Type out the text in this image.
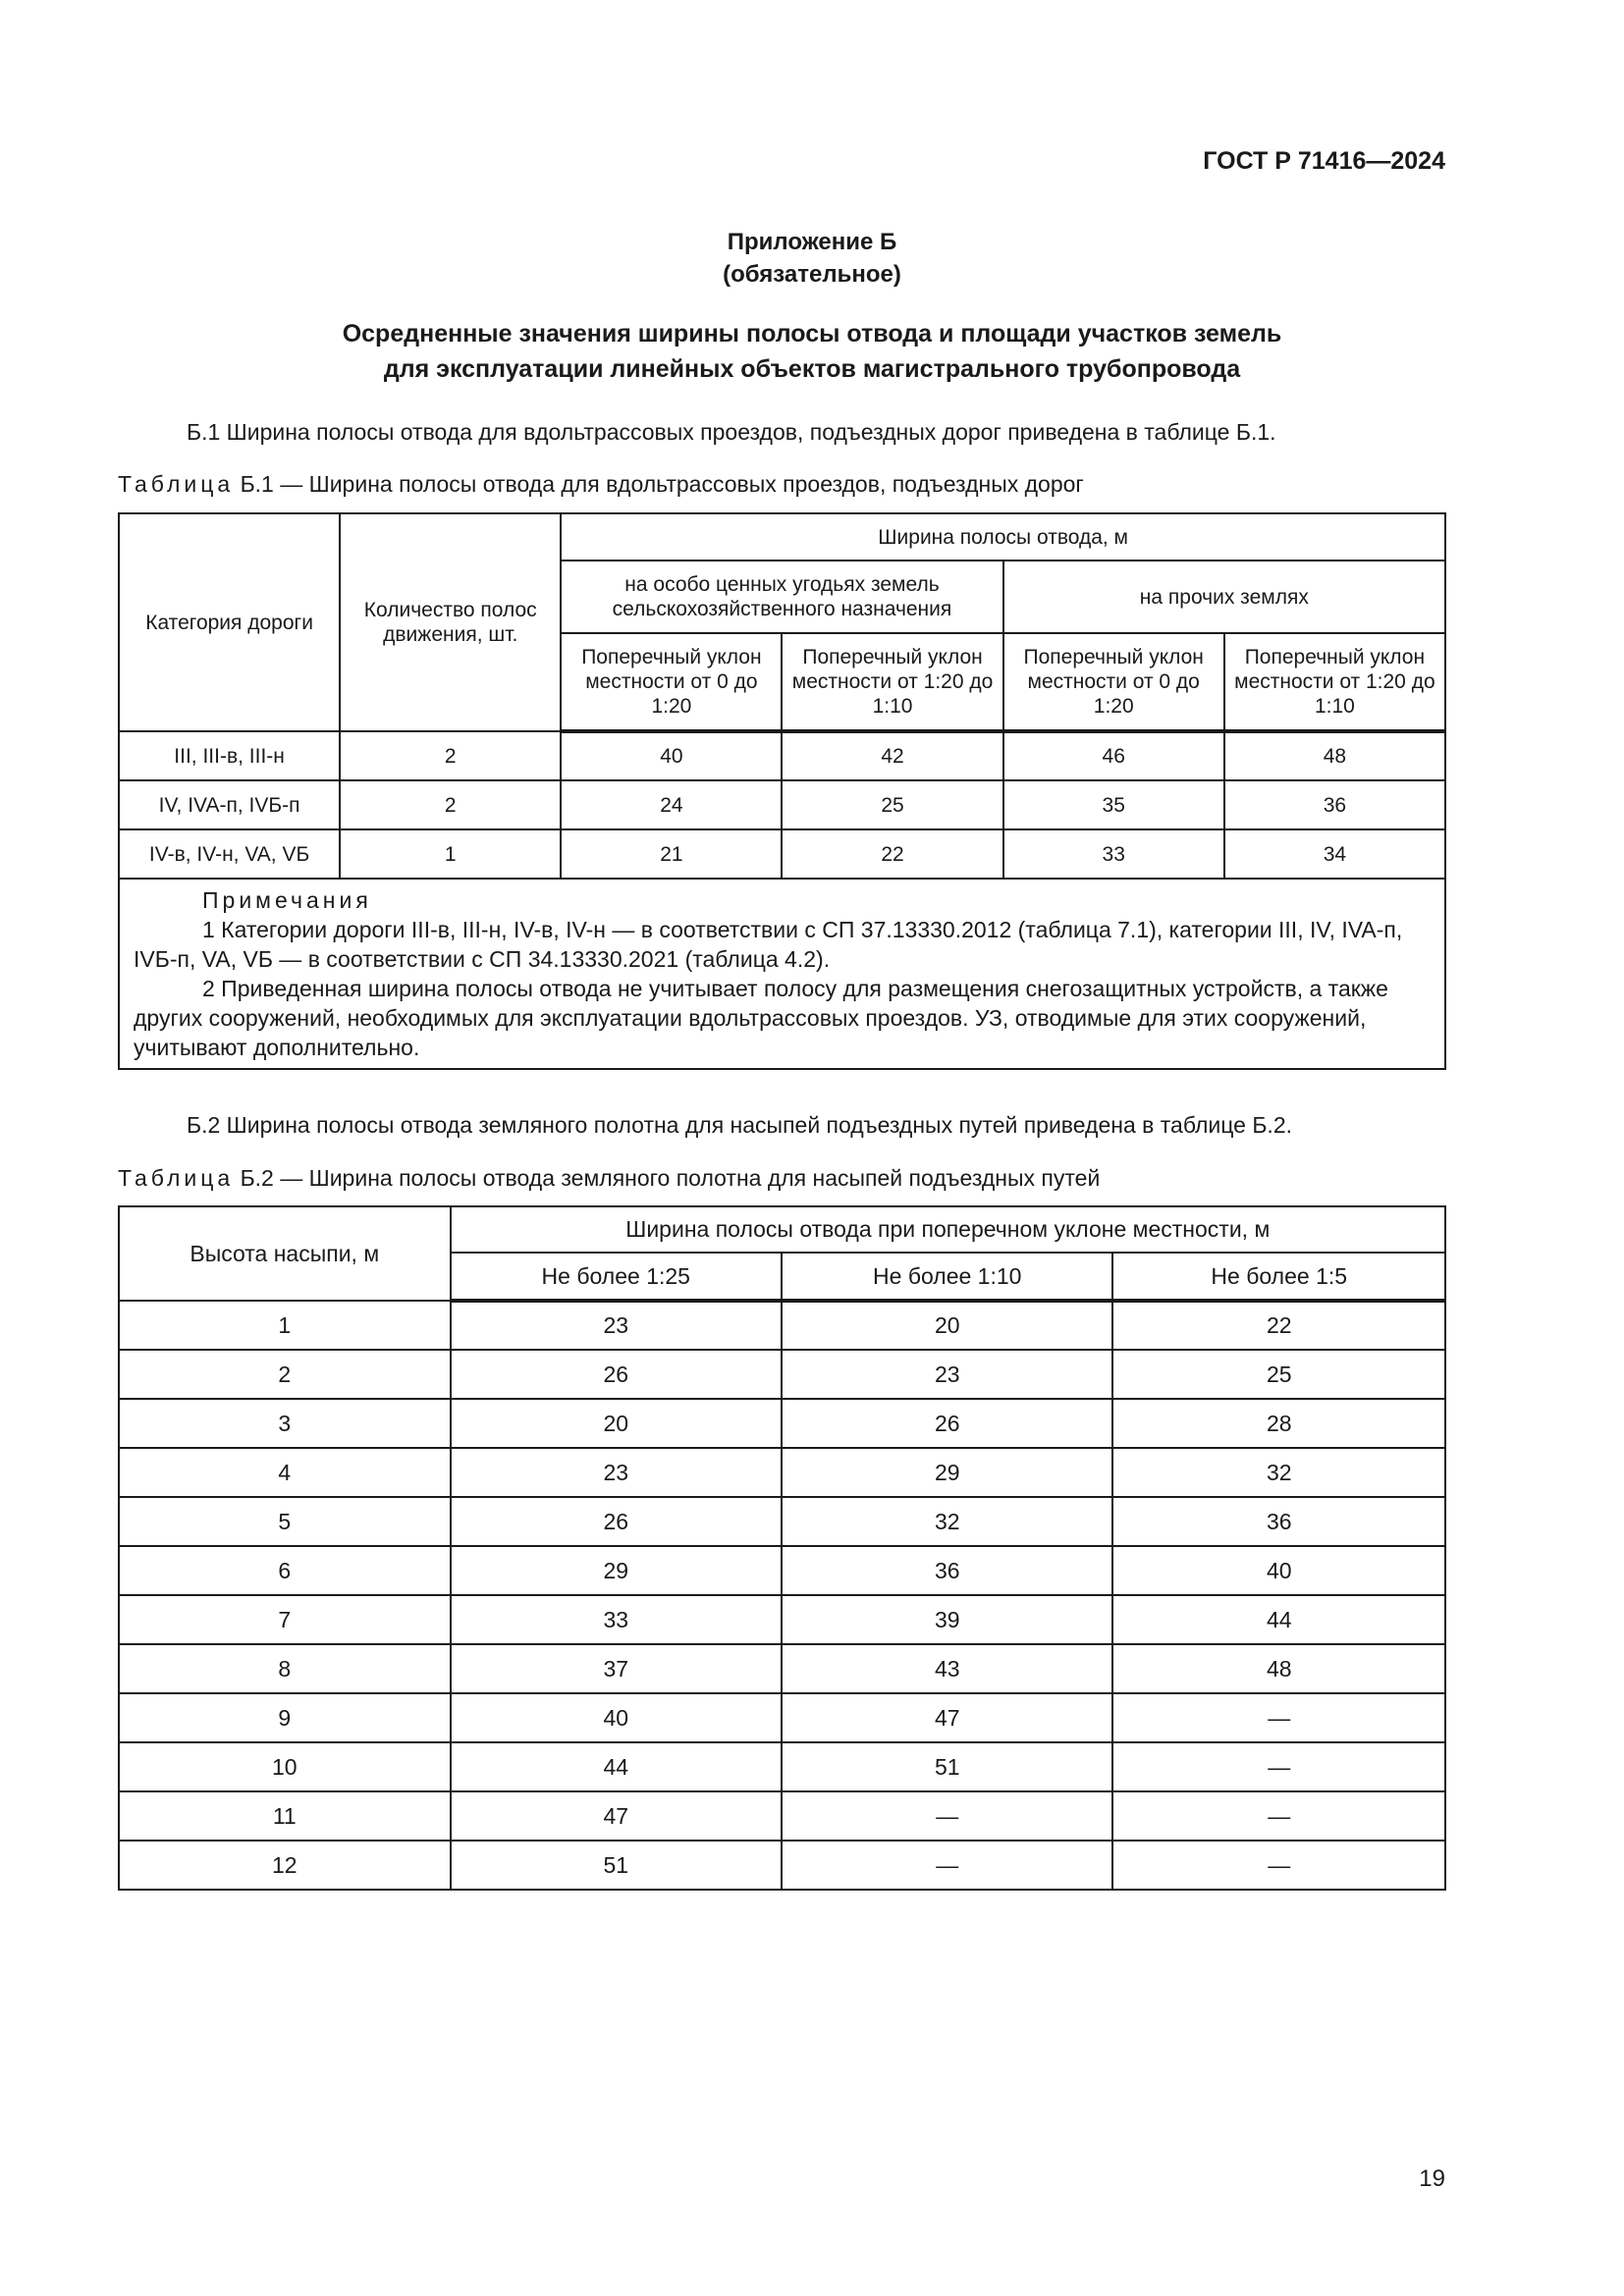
ГОСТ Р 71416—2024
Приложение Б
(обязательное)
Осредненные значения ширины полосы отвода и площади участков земель
для эксплуатации линейных объектов магистрального трубопровода
Б.1 Ширина полосы отвода для вдольтрассовых проездов, подъездных дорог приведена в таблице Б.1.
Таблица Б.1 — Ширина полосы отвода для вдольтрассовых проездов, подъездных дорог
Категория дороги	Количество полос движения, шт.	Ширина полосы отвода, м			
		на особо ценных угодьях земель сельскохозяйственного назначения		на прочих землях	
		Поперечный уклон местности от 0 до 1:20	Поперечный уклон местности от 1:20 до 1:10	Поперечный уклон местности от 0 до 1:20	Поперечный уклон местности от 1:20 до 1:10
III, III-в, III-н	2	40	42	46	48
IV, IVA-п, IVБ-п	2	24	25	35	36
IV-в, IV-н, VA, VБ	1	21	22	33	34

Примечания
1 Категории дороги III-в, III-н, IV-в, IV-н — в соответствии с СП 37.13330.2012 (таблица 7.1), категории III, IV, IVA-п, IVБ-п, VA, VБ — в соответствии с СП 34.13330.2021 (таблица 4.2).
2 Приведенная ширина полосы отвода не учитывает полосу для размещения снегозащитных устройств, а также других сооружений, необходимых для эксплуатации вдольтрассовых проездов. УЗ, отводимые для этих сооружений, учитывают дополнительно.					
Б.2 Ширина полосы отвода земляного полотна для насыпей подъездных путей приведена в таблице Б.2.
Таблица Б.2 — Ширина полосы отвода земляного полотна для насыпей подъездных путей
Высота насыпи, м	Ширина полосы отвода при поперечном уклоне местности, м		
	Не более 1:25	Не более 1:10	Не более 1:5
1	23	20	22
2	26	23	25
3	20	26	28
4	23	29	32
5	26	32	36
6	29	36	40
7	33	39	44
8	37	43	48
9	40	47	—
10	44	51	—
11	47	—	—
12	51	—	—
19
